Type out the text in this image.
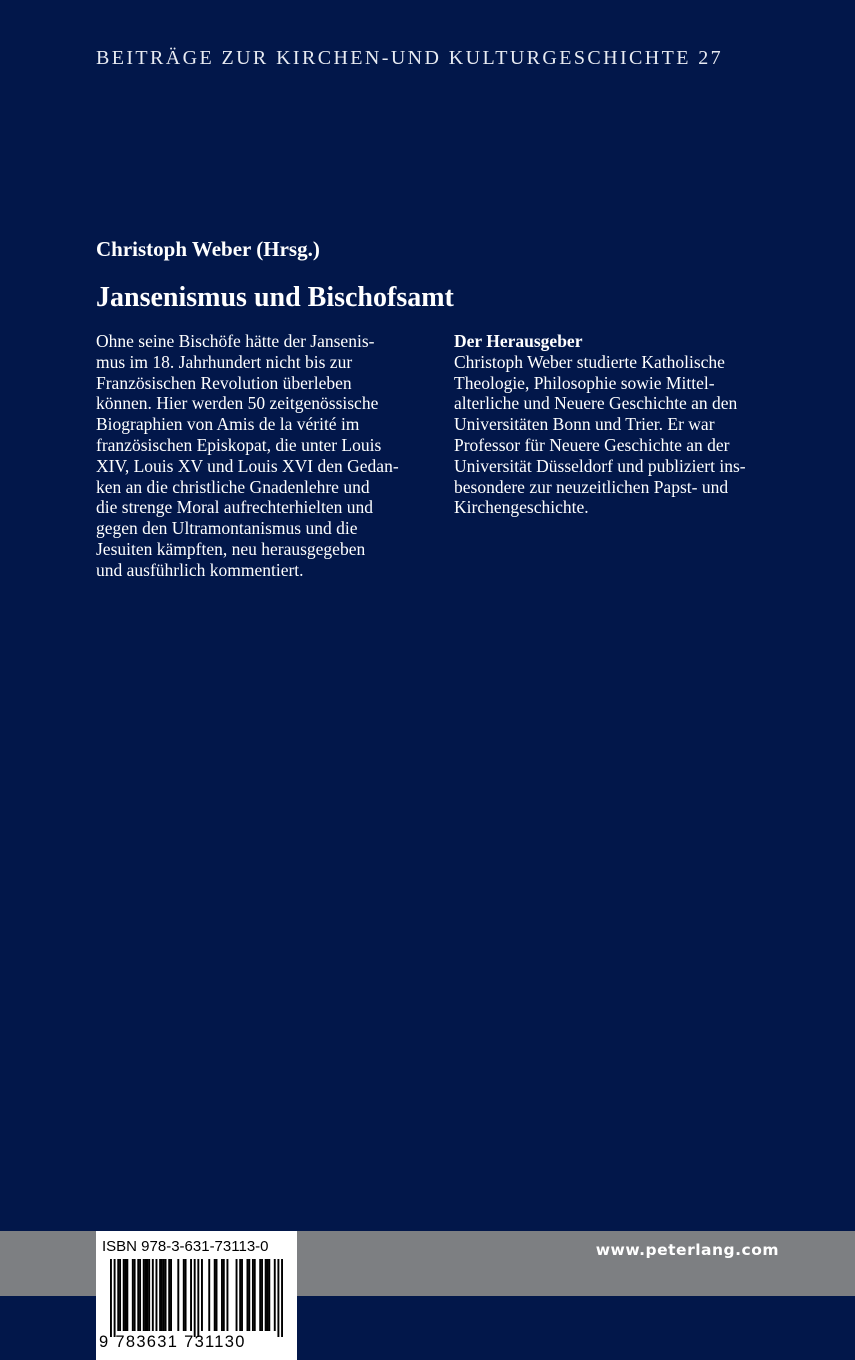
BEITRÄGE ZUR KIRCHEN-UND KULTURGESCHICHTE 27
Christoph Weber (Hrsg.)
Jansenismus und Bischofsamt
Ohne seine Bischöfe hätte der Jansenis-
mus im 18. Jahrhundert nicht bis zur
Französischen Revolution überleben
können. Hier werden 50 zeitgenössische
Biographien von Amis de la vérité im
französischen Episkopat, die unter Louis
XIV, Louis XV und Louis XVI den Gedan-
ken an die christliche Gnadenlehre und
die strenge Moral aufrechterhielten und
gegen den Ultramontanismus und die
Jesuiten kämpften, neu herausgegeben
und ausführlich kommentiert.
Der Herausgeber
Christoph Weber studierte Katholische
Theologie, Philosophie sowie Mittel-
alterliche und Neuere Geschichte an den
Universitäten Bonn und Trier. Er war
Professor für Neuere Geschichte an der
Universität Düsseldorf und publiziert ins-
besondere zur neuzeitlichen Papst- und
Kirchengeschichte.
www.peterlang.com
ISBN 978-3-631-73113-0
9 783631 731130
